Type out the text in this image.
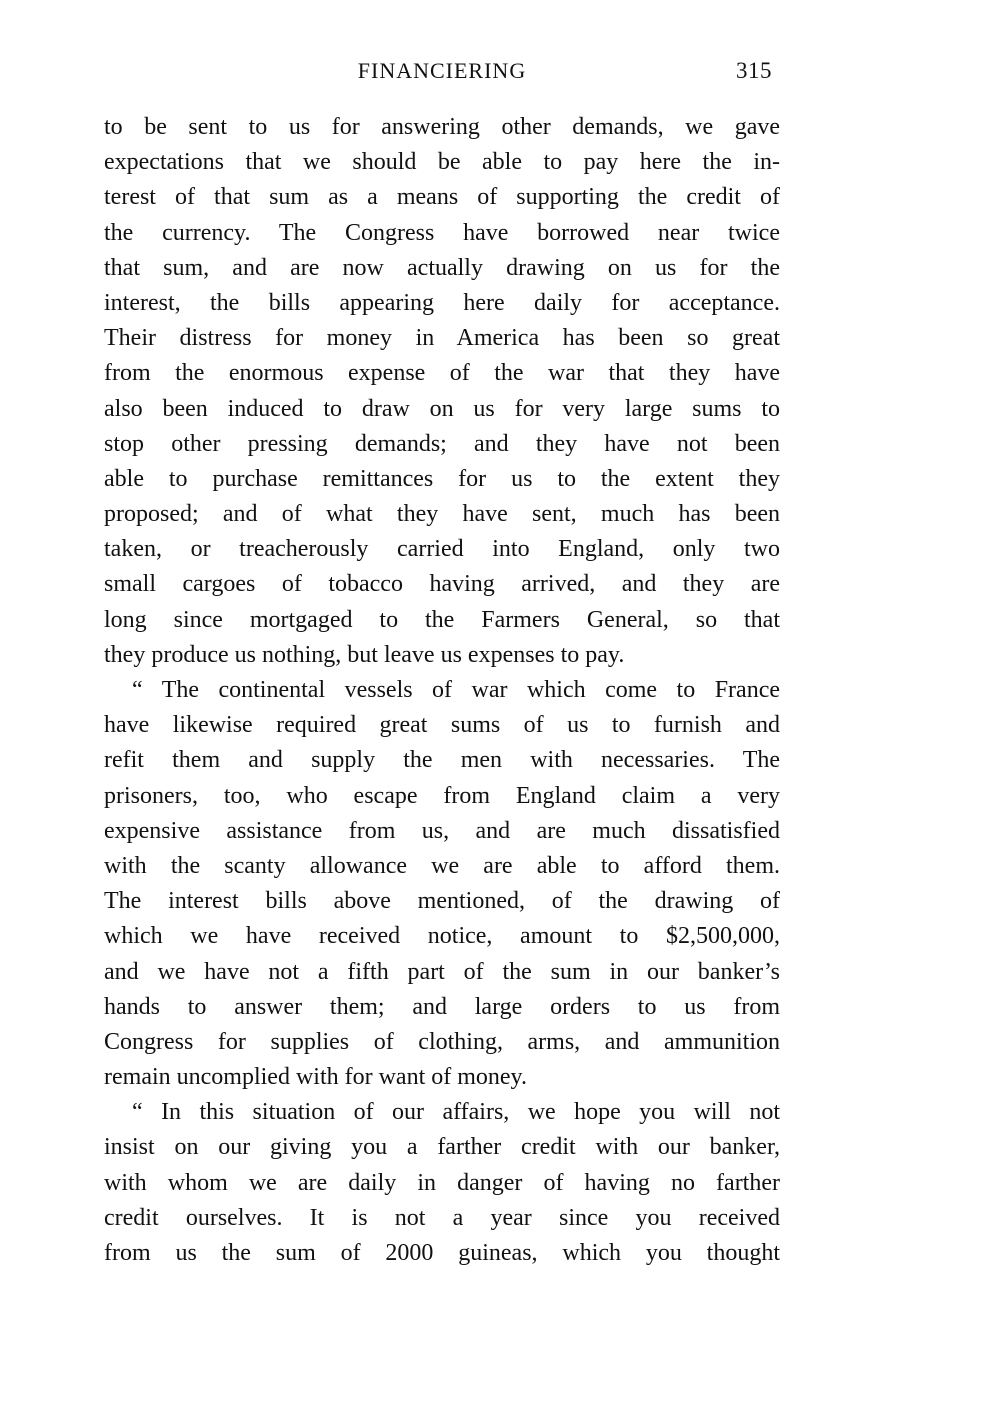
FINANCIERING	315
to be sent to us for answering other demands, we gave
expectations that we should be able to pay here the in-
terest of that sum as a means of supporting the credit of
the currency. The Congress have borrowed near twice
that sum, and are now actually drawing on us for the
interest, the bills appearing here daily for acceptance.
Their distress for money in America has been so great
from the enormous expense of the war that they have
also been induced to draw on us for very large sums to
stop other pressing demands; and they have not been
able to purchase remittances for us to the extent they
proposed; and of what they have sent, much has been
taken, or treacherously carried into England, only two
small cargoes of tobacco having arrived, and they are
long since mortgaged to the Farmers General, so that
they produce us nothing, but leave us expenses to pay.
“ The continental vessels of war which come to France
have likewise required great sums of us to furnish and
refit them and supply the men with necessaries. The
prisoners, too, who escape from England claim a very
expensive assistance from us, and are much dissatisfied
with the scanty allowance we are able to afford them.
The interest bills above mentioned, of the drawing of
which we have received notice, amount to $2,500,000,
and we have not a fifth part of the sum in our banker’s
hands to answer them; and large orders to us from
Congress for supplies of clothing, arms, and ammunition
remain uncomplied with for want of money.
“ In this situation of our affairs, we hope you will not
insist on our giving you a farther credit with our banker,
with whom we are daily in danger of having no farther
credit ourselves. It is not a year since you received
from us the sum of 2000 guineas, which you thought
